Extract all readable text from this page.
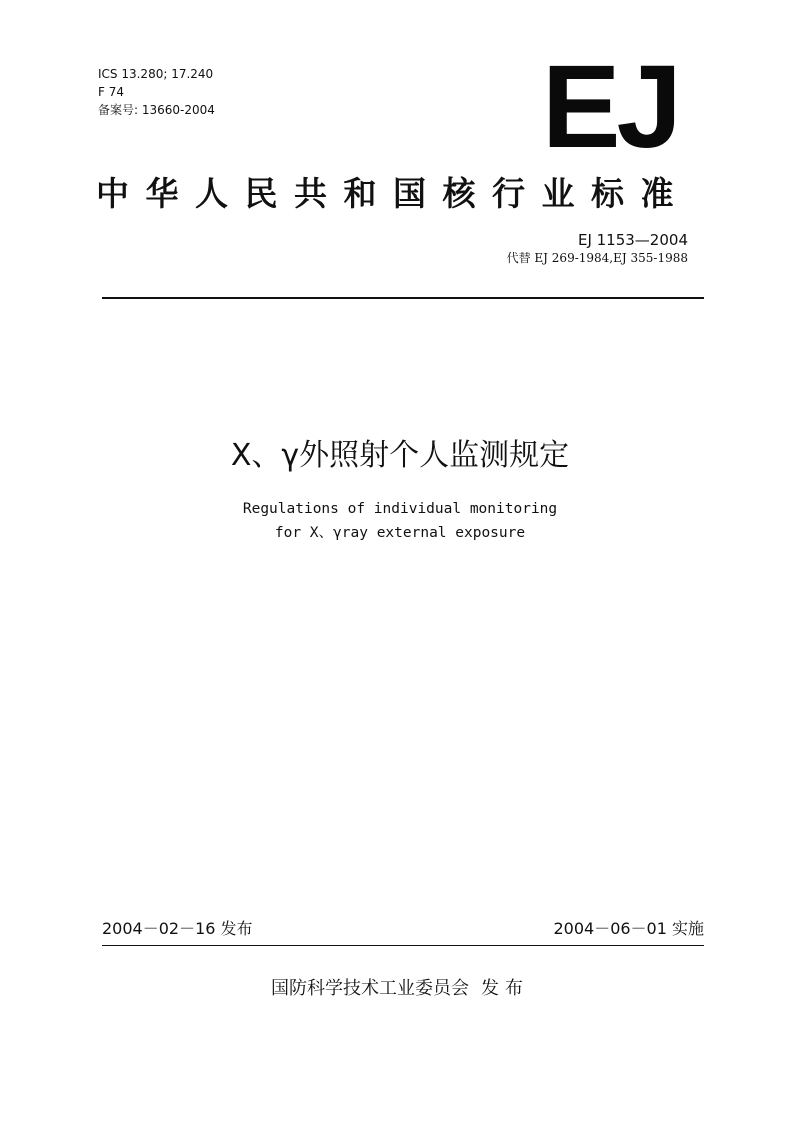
ICS 13.280; 17.240
F 74
备案号: 13660-2004	EJ
中华人民共和国核行业标准
EJ 1153—2004
代替 EJ 269-1984,EJ 355-1988
X、γ外照射个人监测规定
Regulations of individual monitoring
for X、γray external exposure
2004－02－16 发布	2004－06－01 实施
国防科学技术工业委员会 发布
